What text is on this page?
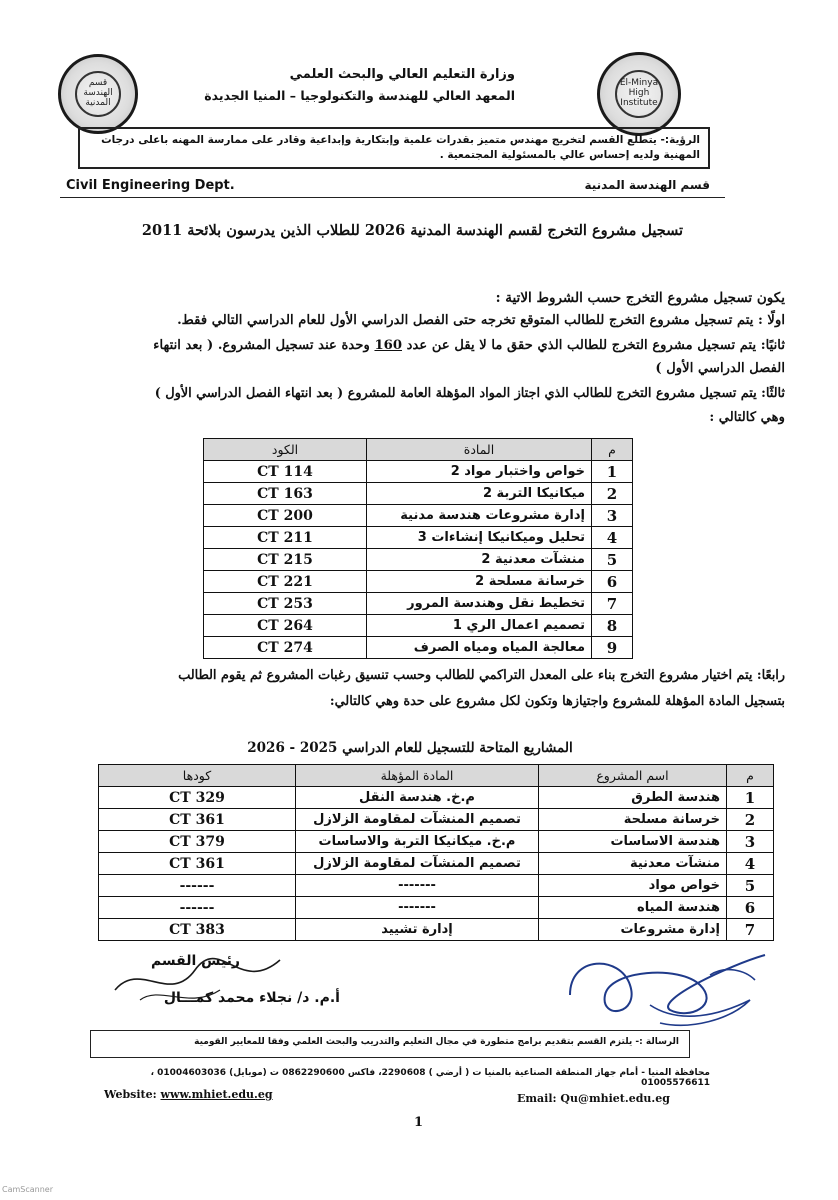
El-Minya High Institute
قسم الهندسة المدنية
وزارة التعليم العالي والبحث العلمي
المعهد العالي للهندسة والتكنولوجيا – المنيا الجديدة
الرؤية:- يتطلع القسم لتخريج مهندس متميز بقدرات علمية وإبتكارية وإبداعية وقادر على ممارسة المهنه باعلى درجات المهنية ولديه إحساس عالي بالمسئولية المجتمعية .
Civil Engineering Dept.	قسم الهندسة المدنية
تسجيل مشروع التخرج لقسم الهندسة المدنية 2026 للطلاب الذين يدرسون بلائحة 2011
يكون تسجيل مشروع التخرج حسب الشروط الاتية :
اولًا : يتم تسجيل مشروع التخرج للطالب المتوقع تخرجه حتى الفصل الدراسي الأول للعام الدراسي التالي فقط.
ثانيًا: يتم تسجيل مشروع التخرج للطالب الذي حقق ما لا يقل عن عدد 160 وحدة عند تسجيل المشروع. ( بعد انتهاء
الفصل الدراسي الأول )
ثالثًا: يتم تسجيل مشروع التخرج للطالب الذي اجتاز المواد المؤهلة العامة للمشروع ( بعد انتهاء الفصل الدراسي الأول )
وهي كالتالي :
م	المادة	الكود
1	خواص واختبار مواد 2	CT 114
2	ميكانيكا التربة 2	CT 163
3	إدارة مشروعات هندسة مدنية	CT 200
4	تحليل وميكانيكا إنشاءات 3	CT 211
5	منشآت معدنية 2	CT 215
6	خرسانة مسلحة 2	CT 221
7	تخطيط نقل وهندسة المرور	CT 253
8	تصميم اعمال الري 1	CT 264
9	معالجة المياه ومياه الصرف	CT 274
رابعًا: يتم اختيار مشروع التخرج بناء على المعدل التراكمي للطالب وحسب تنسيق رغبات المشروع ثم يقوم الطالب
بتسجيل المادة المؤهلة للمشروع واجتيازها وتكون لكل مشروع على حدة وهي كالتالي:
المشاريع المتاحة للتسجيل للعام الدراسي 2025 - 2026
م	اسم المشروع	المادة المؤهلة	كودها
1	هندسة الطرق	م.خ. هندسة النقل	CT 329
2	خرسانة مسلحة	تصميم المنشآت لمقاومة الزلازل	CT 361
3	هندسة الاساسات	م.خ. ميكانيكا التربة والاساسات	CT 379
4	منشآت معدنية	تصميم المنشآت لمقاومة الزلازل	CT 361
5	خواص مواد	-------	------
6	هندسة المياه	-------	------
7	إدارة مشروعات	إدارة تشييد	CT 383
رئيس القسم
أ.م. د/ نجلاء محمد كمـــال
الرسالة :- يلتزم القسم بتقديم برامج متطورة في مجال التعليم والتدريب والبحث العلمي وفقا للمعايير القومية
محافظة المنيا - أمام جهاز المنطقة الصناعية بالمنيا ت ( أرضي ) 2290608، فاكس 0862290600 ت (موبايل) 01004603036 ، 01005576611
Website: www.mhiet.edu.eg	Email: Qu@mhiet.edu.eg
1
CamScanner
